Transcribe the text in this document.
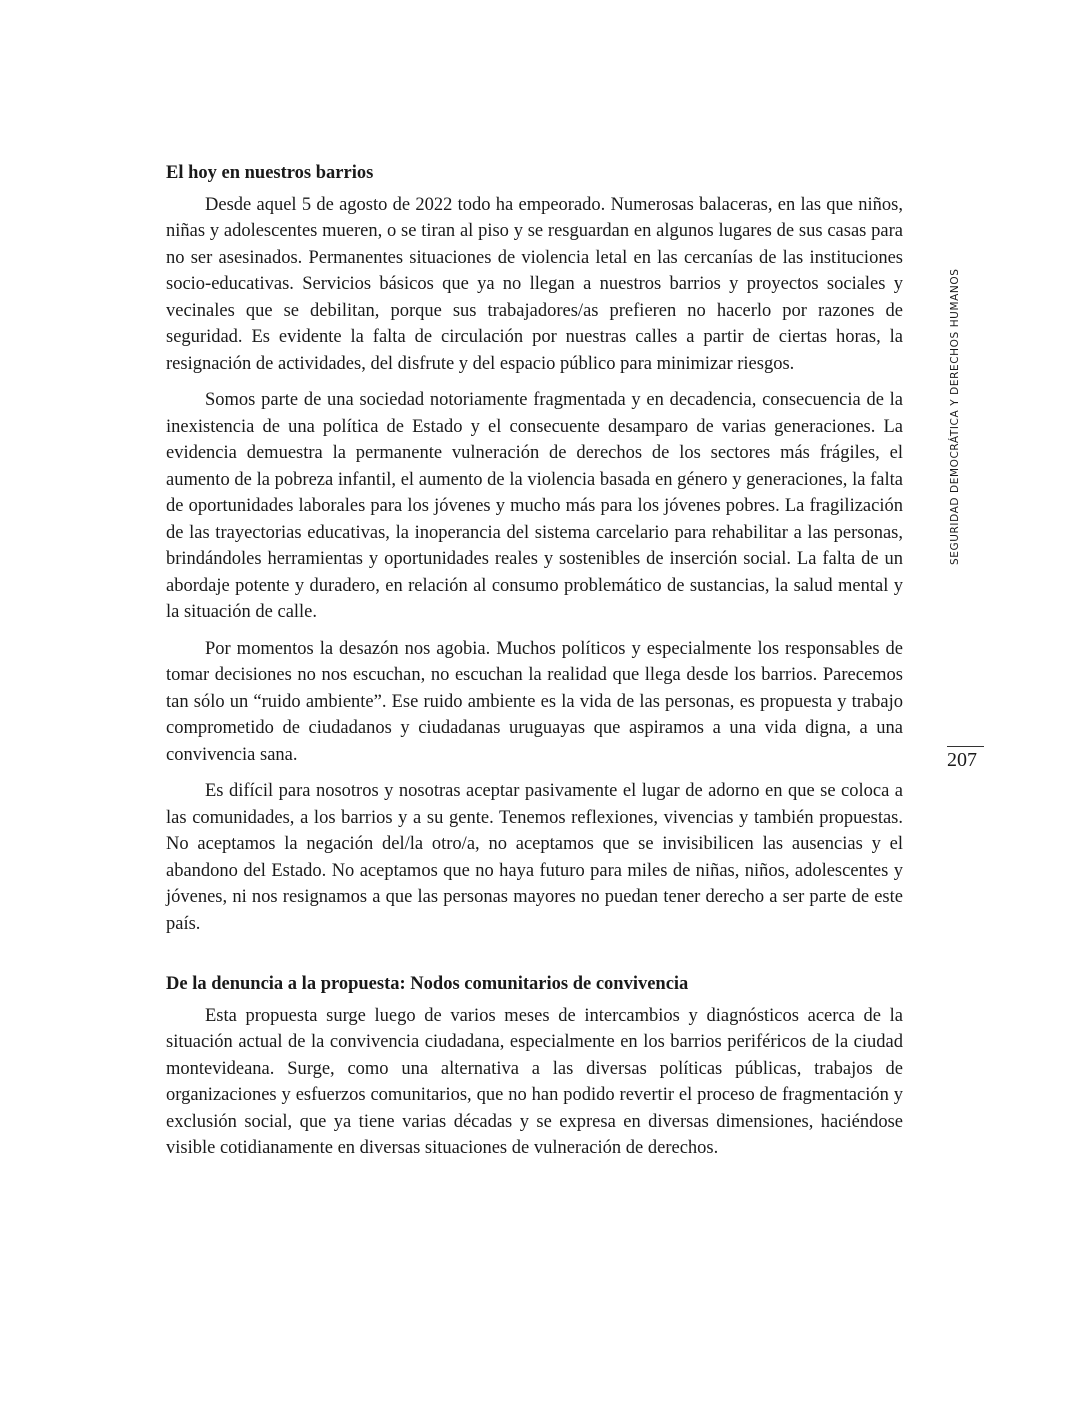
El hoy en nuestros barrios

Desde aquel 5 de agosto de 2022 todo ha empeorado. Numerosas balaceras, en las que niños, niñas y adolescentes mueren, o se tiran al piso y se resguardan en algunos lugares de sus casas para no ser asesinados. Permanentes situaciones de violencia letal en las cercanías de las instituciones socio-educativas. Servicios básicos que ya no llegan a nuestros barrios y proyectos sociales y vecinales que se debilitan, porque sus trabajadores/as prefieren no hacerlo por razones de seguridad. Es evidente la falta de circulación por nuestras calles a partir de ciertas horas, la resignación de actividades, del disfrute y del espacio público para minimizar riesgos.

Somos parte de una sociedad notoriamente fragmentada y en decadencia, consecuencia de la inexistencia de una política de Estado y el consecuente desamparo de varias generaciones. La evidencia demuestra la permanente vulneración de derechos de los sectores más frágiles, el aumento de la pobreza infantil, el aumento de la violencia basada en género y generaciones, la falta de oportunidades laborales para los jóvenes y mucho más para los jóvenes pobres. La fragilización de las trayectorias educativas, la inoperancia del sistema carcelario para rehabilitar a las personas, brindándoles herramientas y oportunidades reales y sostenibles de inserción social. La falta de un abordaje potente y duradero, en relación al consumo problemático de sustancias, la salud mental y la situación de calle.

Por momentos la desazón nos agobia. Muchos políticos y especialmente los responsables de tomar decisiones no nos escuchan, no escuchan la realidad que llega desde los barrios. Parecemos tan sólo un “ruido ambiente”. Ese ruido ambiente es la vida de las personas, es propuesta y trabajo comprometido de ciudadanos y ciudadanas uruguayas que aspiramos a una vida digna, a una convivencia sana.

Es difícil para nosotros y nosotras aceptar pasivamente el lugar de adorno en que se coloca a las comunidades, a los barrios y a su gente. Tenemos reflexiones, vivencias y también propuestas. No aceptamos la negación del/la otro/a, no aceptamos que se invisibilicen las ausencias y el abandono del Estado. No aceptamos que no haya futuro para miles de niñas, niños, adolescentes y jóvenes, ni nos resignamos a que las personas mayores no puedan tener derecho a ser parte de este país.

De la denuncia a la propuesta: Nodos comunitarios de convivencia

Esta propuesta surge luego de varios meses de intercambios y diagnósticos acerca de la situación actual de la convivencia ciudadana, especialmente en los barrios periféricos de la ciudad montevideana. Surge, como una alternativa a las diversas políticas públicas, trabajos de organizaciones y esfuerzos comunitarios, que no han podido revertir el proceso de fragmentación y exclusión social, que ya tiene varias décadas y se expresa en diversas dimensiones, haciéndose visible cotidianamente en diversas situaciones de vulneración de derechos.

SEGURIDAD DEMOCRÁTICA Y DERECHOS HUMANOS
207
